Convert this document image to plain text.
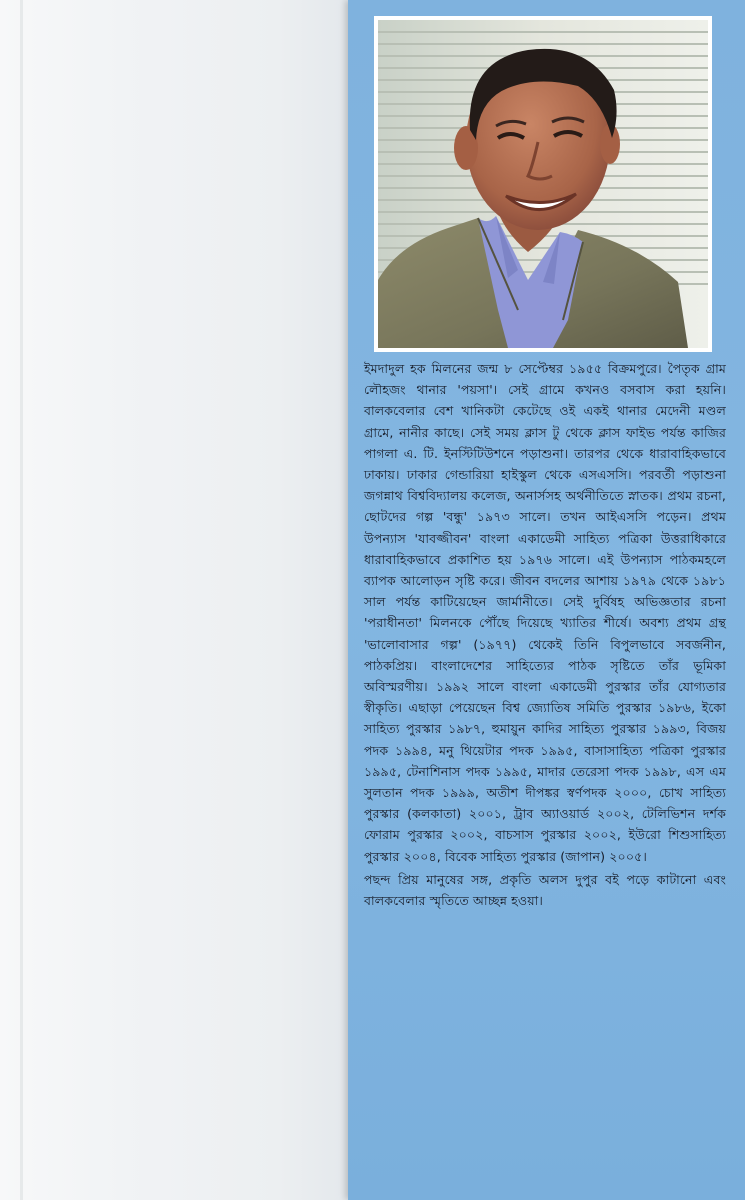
ইমদাদুল হক মিলনের জন্ম ৮ সেপ্টেম্বর ১৯৫৫ বিক্রমপুরে। পৈতৃক গ্রাম লৌহজং থানার 'পয়সা'। সেই গ্রামে কখনও বসবাস করা হয়নি। বালকবেলার বেশ খানিকটা কেটেছে ওই একই থানার মেদেনী মণ্ডল গ্রামে, নানীর কাছে। সেই সময় ক্লাস টু থেকে ক্লাস ফাইভ পর্যন্ত কাজির পাগলা এ. টি. ইনস্টিটিউশনে পড়াশুনা। তারপর থেকে ধারাবাহিকভাবে ঢাকায়। ঢাকার গেন্ডারিয়া হাইস্কুল থেকে এসএসসি। পরবর্তী পড়াশুনা জগন্নাথ বিশ্ববিদ্যালয় কলেজ, অনার্সসহ অর্থনীতিতে স্নাতক। প্রথম রচনা, ছোটদের গল্প 'বন্ধু' ১৯৭৩ সালে। তখন আইএসসি পড়েন। প্রথম উপন্যাস 'যাবজ্জীবন' বাংলা একাডেমী সাহিত্য পত্রিকা উত্তরাধিকারে ধারাবাহিকভাবে প্রকাশিত হয় ১৯৭৬ সালে। এই উপন্যাস পাঠকমহলে ব্যাপক আলোড়ন সৃষ্টি করে। জীবন বদলের আশায় ১৯৭৯ থেকে ১৯৮১ সাল পর্যন্ত কাটিয়েছেন জার্মানীতে। সেই দুর্বিষহ অভিজ্ঞতার রচনা 'পরাধীনতা' মিলনকে পৌঁছে দিয়েছে খ্যাতির শীর্ষে। অবশ্য প্রথম গ্রন্থ 'ভালোবাসার গল্প' (১৯৭৭) থেকেই তিনি বিপুলভাবে সবর্জনীন, পাঠকপ্রিয়। বাংলাদেশের সাহিত্যের পাঠক সৃষ্টিতে তাঁর ভূমিকা অবিস্মরণীয়। ১৯৯২ সালে বাংলা একাডেমী পুরস্কার তাঁর যোগ্যতার স্বীকৃতি। এছাড়া পেয়েছেন বিশ্ব জ্যোতিষ সমিতি পুরস্কার ১৯৮৬, ইকো সাহিত্য পুরস্কার ১৯৮৭, হুমায়ুন কাদির সাহিত্য পুরস্কার ১৯৯৩, বিজয় পদক ১৯৯৪, মনু থিয়েটার পদক ১৯৯৫, বাসাসাহিত্য পত্রিকা পুরস্কার ১৯৯৫, টেনাশিনাস পদক ১৯৯৫, মাদার তেরেসা পদক ১৯৯৮, এস এম সুলতান পদক ১৯৯৯, অতীশ দীপঙ্কর স্বর্ণপদক ২০০০, চোখ সাহিত্য পুরস্কার (কলকাতা) ২০০১, ট্রাব অ্যাওয়ার্ড ২০০২, টেলিভিশন দর্শক ফোরাম পুরস্কার ২০০২, বাচসাস পুরস্কার ২০০২, ইউরো শিশুসাহিত্য পুরস্কার ২০০৪, বিবেক সাহিত্য পুরস্কার (জাপান) ২০০৫।

পছন্দ প্রিয় মানুষের সঙ্গ, প্রকৃতি অলস দুপুর বই পড়ে কাটানো এবং বালকবেলার স্মৃতিতে আচ্ছন্ন হওয়া।
